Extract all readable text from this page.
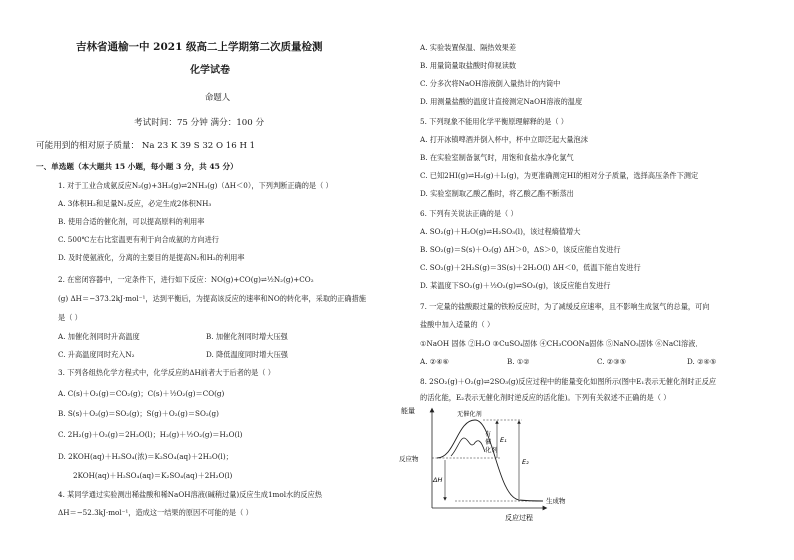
吉林省通榆一中 2021 级高二上学期第二次质量检测
化学试卷
命题人
考试时间：75 分钟 满分：100 分
可能用到的相对原子质量： Na 23 K 39 S 32 O 16 H 1
一、单选题（本大题共 15 小题，每小题 3 分，共 45 分）
1. 对于工业合成氨反应N₂(g)+3H₂(g)⇌2NH₃(g)（ΔH＜0），下列判断正确的是（ ）
A. 3体积H₂和足量N₂反应，必定生成2体积NH₃
B. 使用合适的催化剂，可以提高原料的利用率
C. 500℃左右比室温更有利于向合成氨的方向进行
D. 及时使氨液化，分离的主要目的是提高N₂和H₂的利用率
2. 在密闭容器中，一定条件下，进行如下反应：NO(g)+CO(g)⇌½N₂(g)+CO₂
(g) ΔH＝−373.2kJ·mol⁻¹，达到平衡后，为提高该反应的速率和NO的转化率，采取的正确措施
是（ ）
A. 加催化剂同时升高温度	B. 加催化剂同时增大压强
C. 升高温度同时充入N₂	D. 降低温度同时增大压强
3. 下列各组热化学方程式中，化学反应的ΔH前者大于后者的是（ ）
A. C(s)＋O₂(g)＝CO₂(g)；C(s)＋½O₂(g)＝CO(g)
B. S(s)＋O₂(g)＝SO₂(g)；S(g)＋O₂(g)＝SO₂(g)
C. 2H₂(g)＋O₂(g)＝2H₂O(l)；H₂(g)＋½O₂(g)＝H₂O(l)
D. 2KOH(aq)＋H₂SO₄(浓)＝K₂SO₄(aq)＋2H₂O(l)；
2KOH(aq)＋H₂SO₄(aq)＝K₂SO₄(aq)＋2H₂O(l)
4. 某同学通过实验测出稀盐酸和稀NaOH溶液(碱稍过量)反应生成1mol水的反应热
ΔH＝−52.3kJ·mol⁻¹，造成这一结果的原因不可能的是（ ）
A. 实验装置保温、隔热效果差
B. 用量筒量取盐酸时仰视读数
C. 分多次将NaOH溶液倒入量热计的内筒中
D. 用测量盐酸的温度计直接测定NaOH溶液的温度
5. 下列现象不能用化学平衡原理解释的是（ ）
A. 打开冰镇啤酒并倒入杯中，杯中立即泛起大量泡沫
B. 在实验室制备氯气时，用饱和食盐水净化氯气
C. 已知2HI(g)⇌H₂(g)＋I₂(g)，为更准确测定HI的相对分子质量，选择高压条件下测定
D. 实验室制取乙酸乙酯时，将乙酸乙酯不断蒸出
6. 下列有关说法正确的是（ ）
A. SO₂(g)＋H₂O(g)⇌H₂SO₃(l)，该过程熵值增大
B. SO₂(g)＝S(s)＋O₂(g) ΔH＞0，ΔS＞0，该反应能自发进行
C. SO₂(g)＋2H₂S(g)＝3S(s)＋2H₂O(l) ΔH＜0，低温下能自发进行
D. 某温度下SO₂(g)＋½O₂(g)⇌SO₃(g)，该反应能自发进行
7. 一定量的盐酸跟过量的铁粉反应时，为了减缓反应速率，且不影响生成氢气的总量，可向
盐酸中加入适量的（ ）
①NaOH 固体 ②H₂O ③CuSO₄固体 ④CH₃COONa固体 ⑤NaNO₃固体 ⑥NaCl溶液．
A. ②④⑥	B. ①②	C. ②③⑤	D. ②④⑤
8. 2SO₂(g)＋O₂(g)⇌2SO₃(g)反应过程中的能量变化如图所示(图中E₁表示无催化剂时正反应
的活化能，E₂表示无催化剂时逆反应的活化能)。下列有关叙述不正确的是（ ）
能量
反应过程
反应物
生成物
无催化剂
有
催
化剂
E₁
E₂
ΔH
